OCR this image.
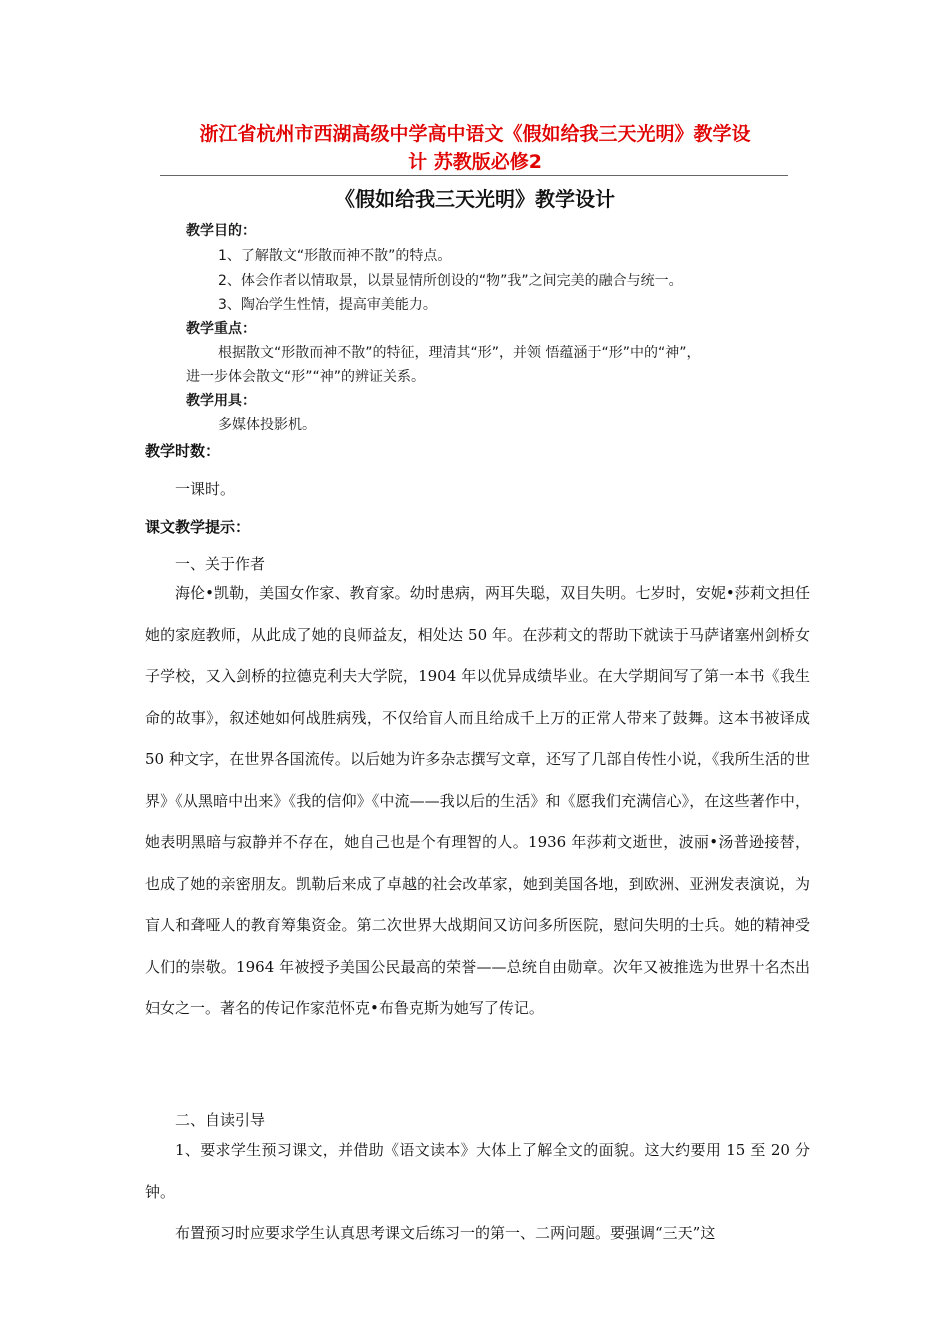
浙江省杭州市西湖高级中学高中语文《假如给我三天光明》教学设
计 苏教版必修2
《假如给我三天光明》教学设计
教学目的：
1、了解散文“形散而神不散”的特点。
2、体会作者以情取景，以景显情所创设的“物”我”之间完美的融合与统一。
3、陶冶学生性情，提高审美能力。
教学重点：
根据散文“形散而神不散”的特征，理清其“形”，并领 悟蕴涵于“形”中的“神”，
进一步体会散文“形”“神”的辨证关系。
教学用具：
多媒体投影机。
教学时数：
一课时。
课文教学提示：
一、关于作者
海伦•凯勒，美国女作家、教育家。幼时患病，两耳失聪，双目失明。七岁时，安妮•莎莉文担任她的家庭教师，从此成了她的良师益友，相处达 50 年。在莎莉文的帮助下就读于马萨诸塞州剑桥女子学校，又入剑桥的拉德克利夫大学院，1904 年以优异成绩毕业。在大学期间写了第一本书《我生命的故事》，叙述她如何战胜病残，不仅给盲人而且给成千上万的正常人带来了鼓舞。这本书被译成 50 种文字，在世界各国流传。以后她为许多杂志撰写文章，还写了几部自传性小说，《我所生活的世界》《从黑暗中出来》《我的信仰》《中流——我以后的生活》和《愿我们充满信心》，在这些著作中，她表明黑暗与寂静并不存在，她自己也是个有理智的人。1936 年莎莉文逝世，波丽•汤普逊接替，也成了她的亲密朋友。凯勒后来成了卓越的社会改革家，她到美国各地，到欧洲、亚洲发表演说，为盲人和聋哑人的教育筹集资金。第二次世界大战期间又访问多所医院，慰问失明的士兵。她的精神受人们的崇敬。1964 年被授予美国公民最高的荣誉——总统自由勋章。次年又被推选为世界十名杰出妇女之一。著名的传记作家范怀克•布鲁克斯为她写了传记。
二、自读引导
1、要求学生预习课文，并借助《语文读本》大体上了解全文的面貌。这大约要用 15 至 20 分钟。
布置预习时应要求学生认真思考课文后练习一的第一、二两问题。要强调“三天”这
